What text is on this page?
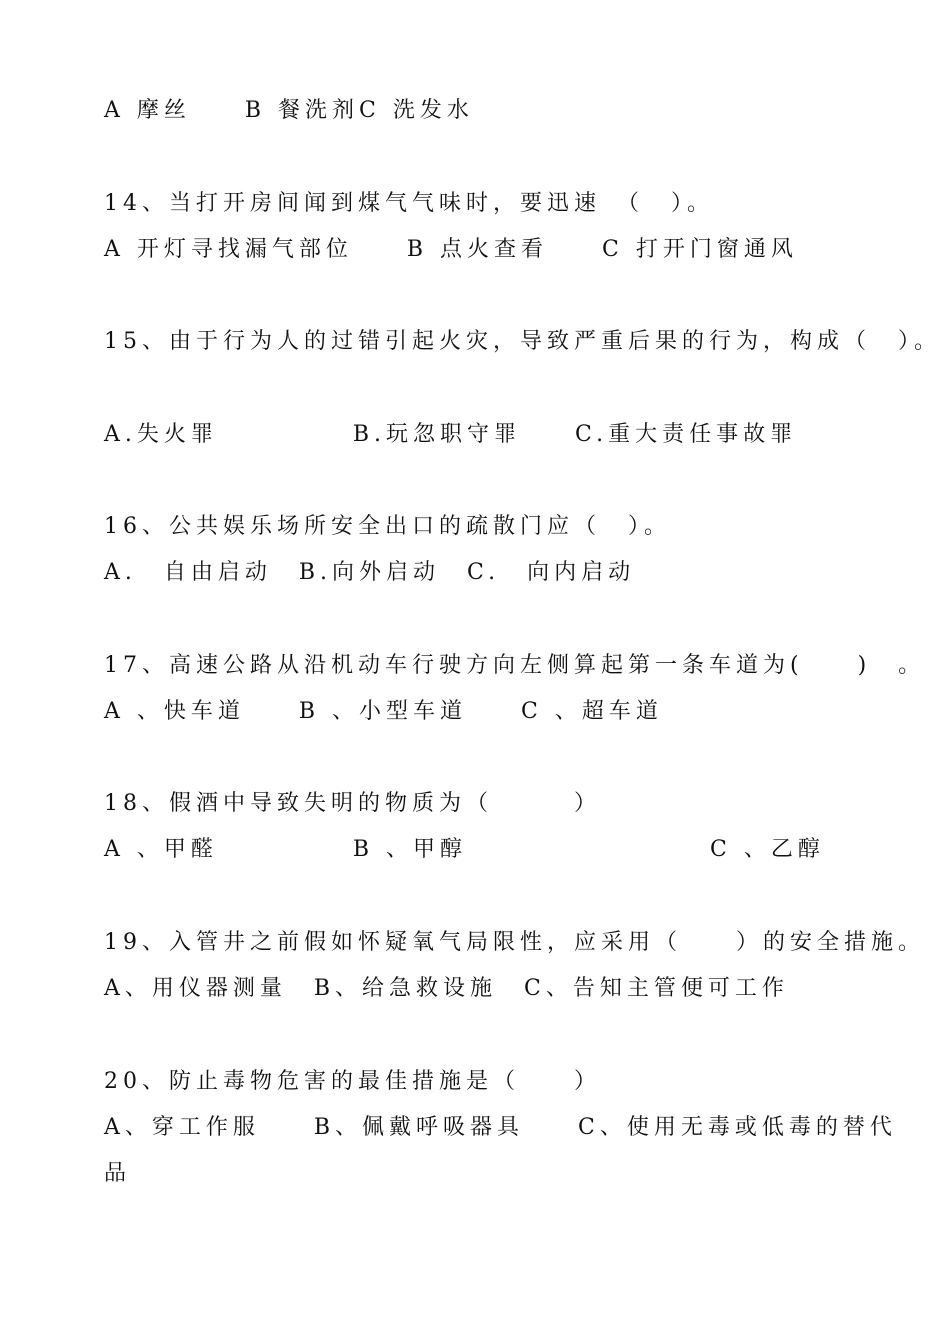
A 摩丝　　B 餐洗剂C 洗发水
14、当打开房间闻到煤气气味时，要迅速　（　）。
A 开灯寻找漏气部位　　B 点火查看　　C 打开门窗通风
15、由于行为人的过错引起火灾，导致严重后果的行为，构成（　）。
A.失火罪　　　　　B.玩忽职守罪　　C.重大责任事故罪
16、公共娱乐场所安全出口的疏散门应（　）。
A.　自由启动　B.向外启动　C.　向内启动
17、高速公路从沿机动车行驶方向左侧算起第一条车道为(　　)　。
A 、快车道　　B 、小型车道　　C 、超车道
18、假酒中导致失明的物质为（　　　）
A 、甲醛　　　　　B 、甲醇　　　　　　　　　C 、乙醇
19、入管井之前假如怀疑氧气局限性，应采用（　　）的安全措施。
A、用仪器测量　B、给急救设施　C、告知主管便可工作
20、防止毒物危害的最佳措施是（　　）
A、穿工作服　　B、佩戴呼吸器具　　C、使用无毒或低毒的替代
品
